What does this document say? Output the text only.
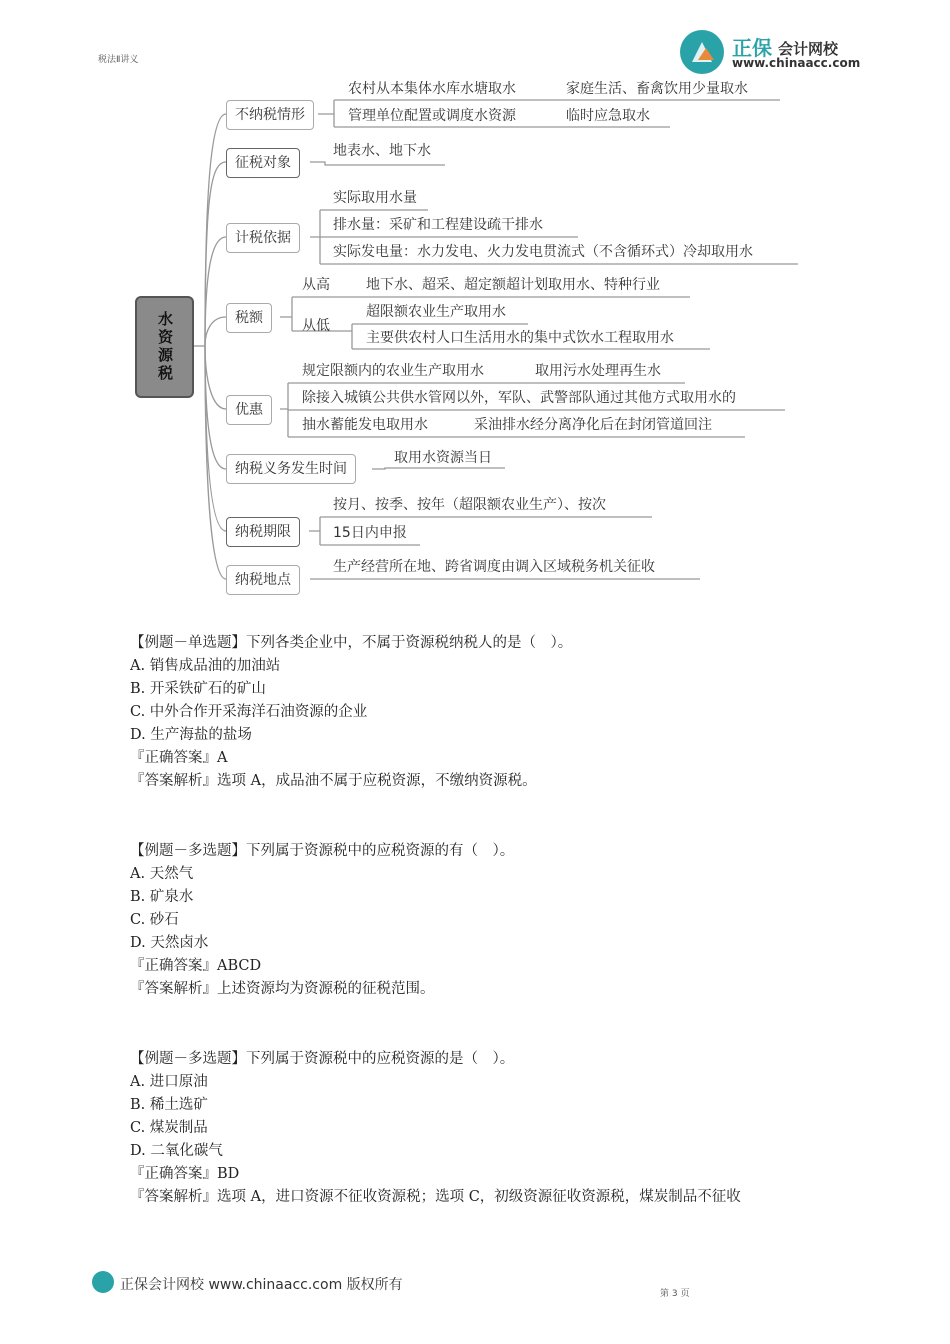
税法Ⅱ讲义	正保 会计网校
www.chinaacc.com
水资源税
不纳税情形
农村从本集体水库水塘取水	家庭生活、畜禽饮用少量取水
管理单位配置或调度水资源	临时应急取水
征税对象
地表水、地下水
计税依据
实际取用水量
排水量：采矿和工程建设疏干排水
实际发电量：水力发电、火力发电贯流式（不含循环式）冷却取用水
税额
从高	地下水、超采、超定额超计划取用水、特种行业
从低
超限额农业生产取用水
主要供农村人口生活用水的集中式饮水工程取用水
优惠
规定限额内的农业生产取用水	取用污水处理再生水
除接入城镇公共供水管网以外，军队、武警部队通过其他方式取用水的
抽水蓄能发电取用水	采油排水经分离净化后在封闭管道回注
纳税义务发生时间
取用水资源当日
纳税期限
按月、按季、按年（超限额农业生产）、按次
15日内申报
纳税地点
生产经营所在地、跨省调度由调入区域税务机关征收
【例题－单选题】下列各类企业中，不属于资源税纳税人的是（　）。
A. 销售成品油的加油站
B. 开采铁矿石的矿山
C. 中外合作开采海洋石油资源的企业
D. 生产海盐的盐场
『正确答案』A
『答案解析』选项 A，成品油不属于应税资源，不缴纳资源税。
【例题－多选题】下列属于资源税中的应税资源的有（　）。
A. 天然气
B. 矿泉水
C. 砂石
D. 天然卤水
『正确答案』ABCD
『答案解析』上述资源均为资源税的征税范围。
【例题－多选题】下列属于资源税中的应税资源的是（　）。
A. 进口原油
B. 稀土选矿
C. 煤炭制品
D. 二氧化碳气
『正确答案』BD
『答案解析』选项 A，进口资源不征收资源税；选项 C，初级资源征收资源税，煤炭制品不征收
正保会计网校 www.chinaacc.com 版权所有
第 3 页
